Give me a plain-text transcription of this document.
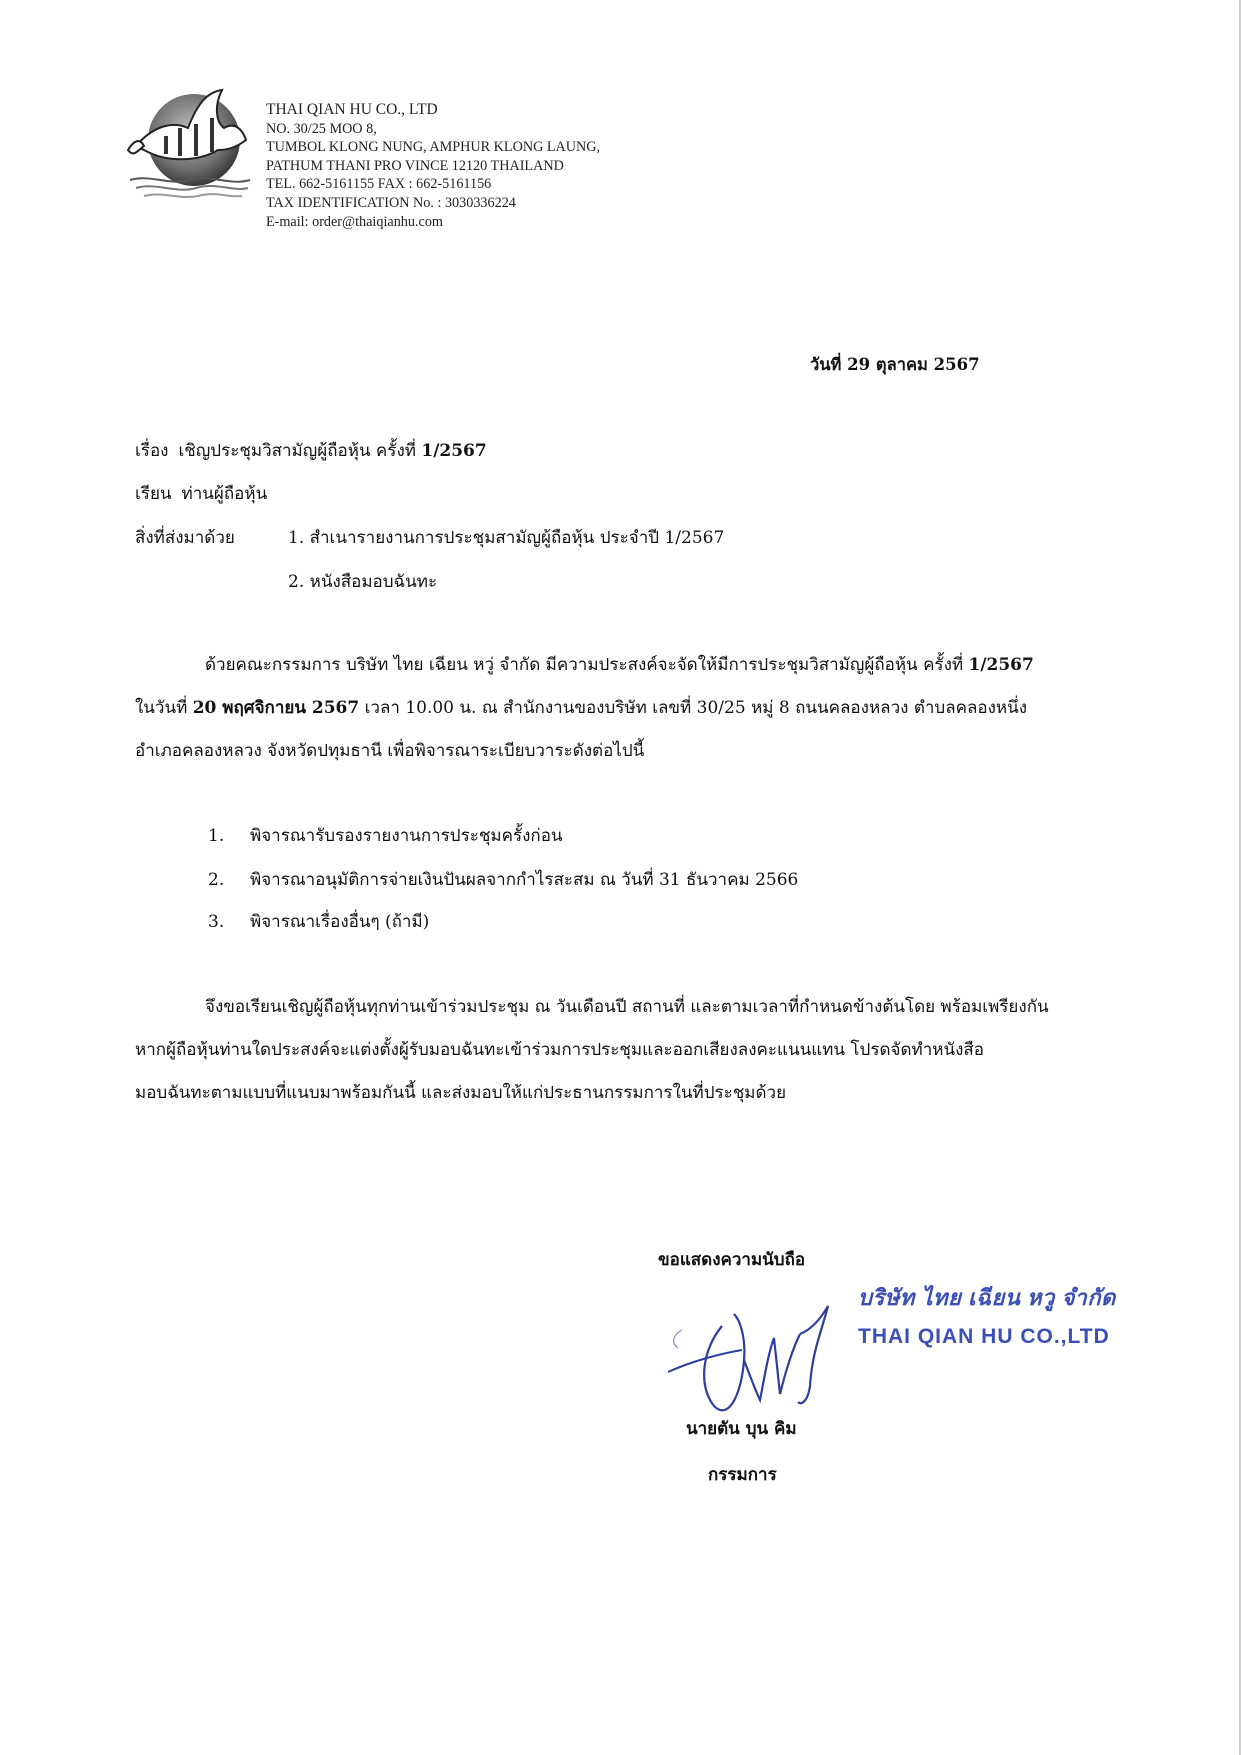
THAI QIAN HU CO., LTD
NO. 30/25 MOO 8,
TUMBOL KLONG NUNG, AMPHUR KLONG LAUNG,
PATHUM THANI PRO VINCE 12120 THAILAND
TEL. 662-5161155 FAX : 662-5161156
TAX IDENTIFICATION No. : 3030336224
E-mail: order@thaiqianhu.com
วันที่ 29 ตุลาคม 2567
เรื่อง เชิญประชุมวิสามัญผู้ถือหุ้น ครั้งที่ 1/2567
เรียน ท่านผู้ถือหุ้น
สิ่งที่ส่งมาด้วย	1. สำเนารายงานการประชุมสามัญผู้ถือหุ้น ประจำปี 1/2567
2. หนังสือมอบฉันทะ
ด้วยคณะกรรมการ บริษัท ไทย เฉียน หวู่ จำกัด มีความประสงค์จะจัดให้มีการประชุมวิสามัญผู้ถือหุ้น ครั้งที่ 1/2567
ในวันที่ 20 พฤศจิกายน 2567 เวลา 10.00 น. ณ สำนักงานของบริษัท เลขที่ 30/25 หมู่ 8 ถนนคลองหลวง ตำบลคลองหนึ่ง
อำเภอคลองหลวง จังหวัดปทุมธานี เพื่อพิจารณาระเบียบวาระดังต่อไปนี้
1. พิจารณารับรองรายงานการประชุมครั้งก่อน
2. พิจารณาอนุมัติการจ่ายเงินปันผลจากกำไรสะสม ณ วันที่ 31 ธันวาคม 2566
3. พิจารณาเรื่องอื่นๆ (ถ้ามี)
จึงขอเรียนเชิญผู้ถือหุ้นทุกท่านเข้าร่วมประชุม ณ วันเดือนปี สถานที่ และตามเวลาที่กำหนดข้างต้นโดย พร้อมเพรียงกัน
หากผู้ถือหุ้นท่านใดประสงค์จะแต่งตั้งผู้รับมอบฉันทะเข้าร่วมการประชุมและออกเสียงลงคะแนนแทน โปรดจัดทำหนังสือ
มอบฉันทะตามแบบที่แนบมาพร้อมกันนี้ และส่งมอบให้แก่ประธานกรรมการในที่ประชุมด้วย
ขอแสดงความนับถือ
บริษัท ไทย เฉียน หวู จำกัด
THAI QIAN HU CO.,LTD
นายตัน บุน คิม
กรรมการ
